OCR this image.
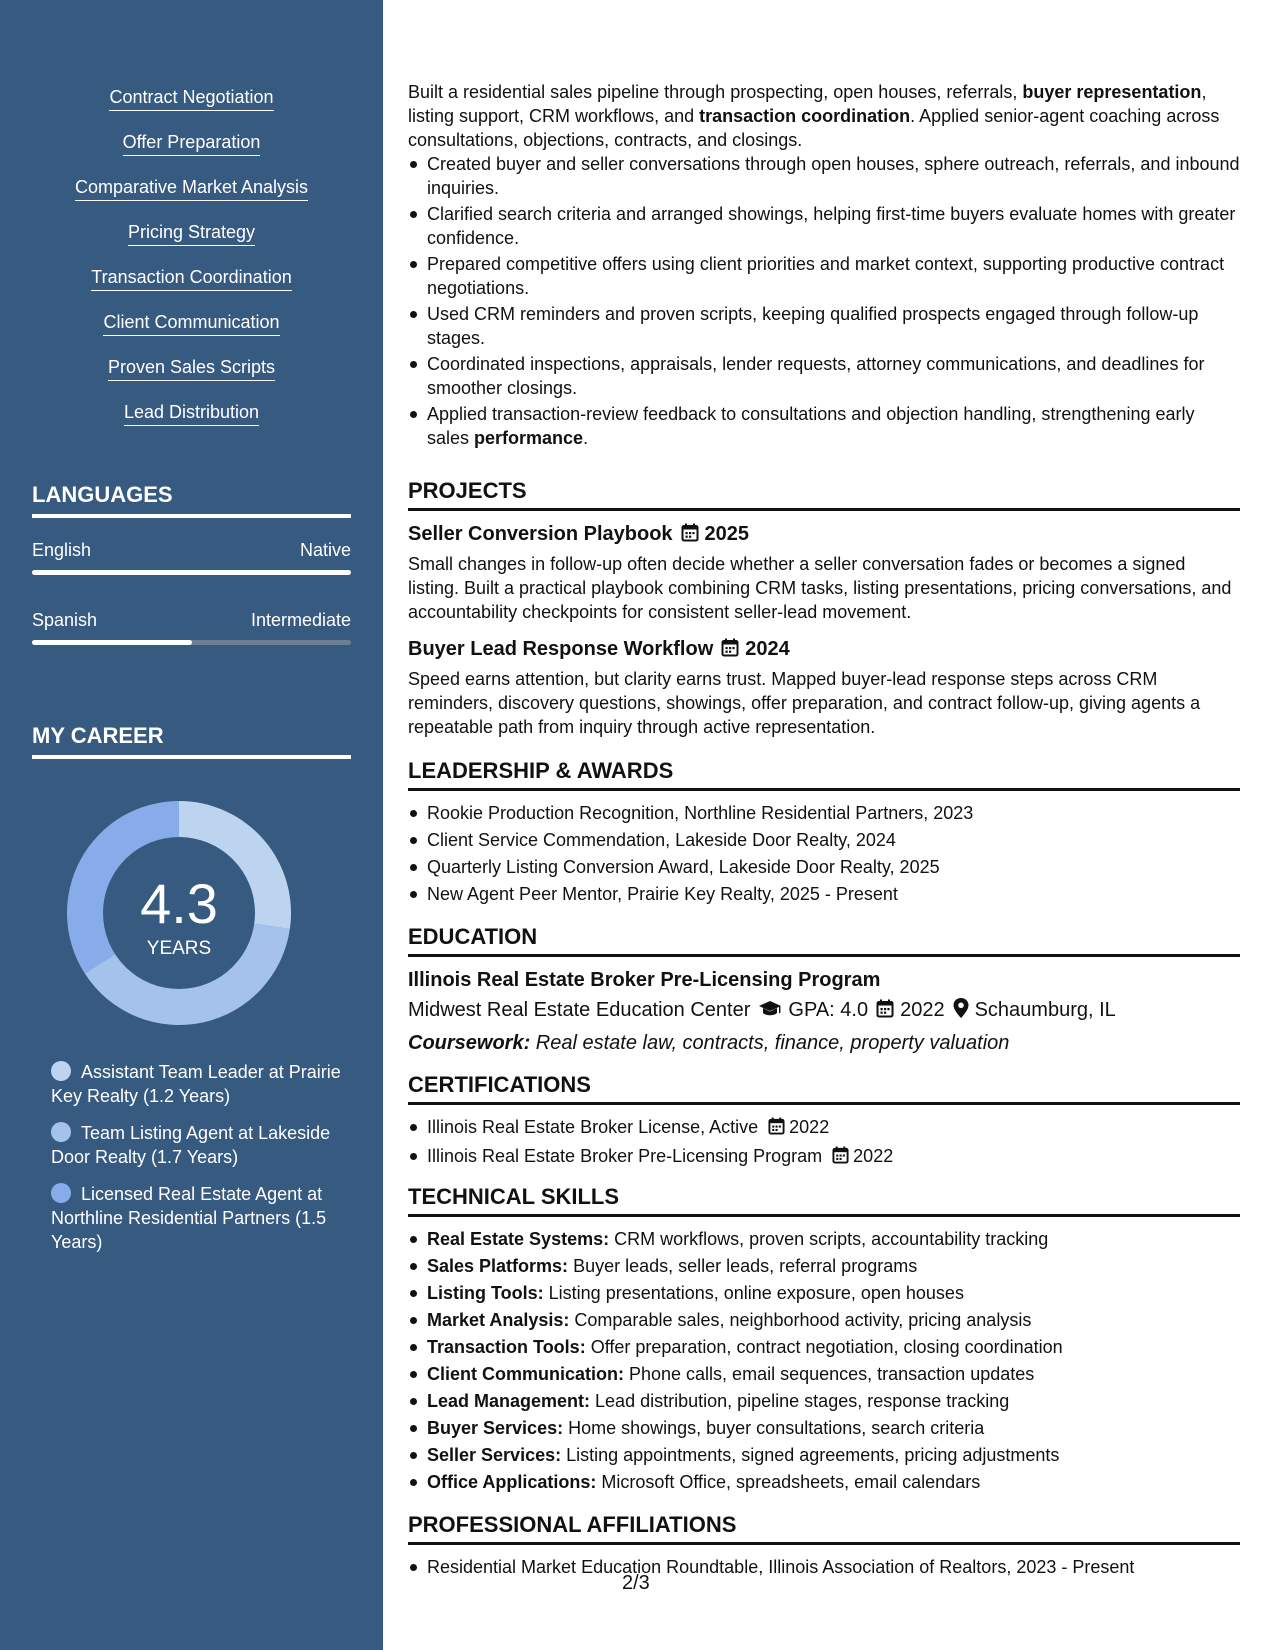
Contract Negotiation
Offer Preparation
Comparative Market Analysis
Pricing Strategy
Transaction Coordination
Client Communication
Proven Sales Scripts
Lead Distribution
LANGUAGES
English	Native
Spanish	Intermediate
MY CAREER
4.3
YEARS
Assistant Team Leader at Prairie Key Realty (1.2 Years)
Team Listing Agent at Lakeside Door Realty (1.7 Years)
Licensed Real Estate Agent at Northline Residential Partners (1.5 Years)

Built a residential sales pipeline through prospecting, open houses, referrals, buyer representation, listing support, CRM workflows, and transaction coordination. Applied senior-agent coaching across consultations, objections, contracts, and closings.

Created buyer and seller conversations through open houses, sphere outreach, referrals, and inbound inquiries.
Clarified search criteria and arranged showings, helping first-time buyers evaluate homes with greater confidence.
Prepared competitive offers using client priorities and market context, supporting productive contract negotiations.
Used CRM reminders and proven scripts, keeping qualified prospects engaged through follow-up stages.
Coordinated inspections, appraisals, lender requests, attorney communications, and deadlines for smoother closings.
Applied transaction-review feedback to consultations and objection handling, strengthening early sales performance.
PROJECTS
Seller Conversion Playbook 2025
Small changes in follow-up often decide whether a seller conversation fades or becomes a signed listing. Built a practical playbook combining CRM tasks, listing presentations, pricing conversations, and accountability checkpoints for consistent seller-lead movement.
Buyer Lead Response Workflow 2024
Speed earns attention, but clarity earns trust. Mapped buyer-lead response steps across CRM reminders, discovery questions, showings, offer preparation, and contract follow-up, giving agents a repeatable path from inquiry through active representation.
LEADERSHIP & AWARDS
Rookie Production Recognition, Northline Residential Partners, 2023
Client Service Commendation, Lakeside Door Realty, 2024
Quarterly Listing Conversion Award, Lakeside Door Realty, 2025
New Agent Peer Mentor, Prairie Key Realty, 2025 - Present
EDUCATION
Illinois Real Estate Broker Pre-Licensing Program
Midwest Real Estate Education Center GPA: 4.0 2022 Schaumburg, IL
Coursework: Real estate law, contracts, finance, property valuation
CERTIFICATIONS
Illinois Real Estate Broker License, Active 2022
Illinois Real Estate Broker Pre-Licensing Program 2022
TECHNICAL SKILLS
Real Estate Systems: CRM workflows, proven scripts, accountability tracking
Sales Platforms: Buyer leads, seller leads, referral programs
Listing Tools: Listing presentations, online exposure, open houses
Market Analysis: Comparable sales, neighborhood activity, pricing analysis
Transaction Tools: Offer preparation, contract negotiation, closing coordination
Client Communication: Phone calls, email sequences, transaction updates
Lead Management: Lead distribution, pipeline stages, response tracking
Buyer Services: Home showings, buyer consultations, search criteria
Seller Services: Listing appointments, signed agreements, pricing adjustments
Office Applications: Microsoft Office, spreadsheets, email calendars
PROFESSIONAL AFFILIATIONS
Residential Market Education Roundtable, Illinois Association of Realtors, 2023 - Present
2/3
